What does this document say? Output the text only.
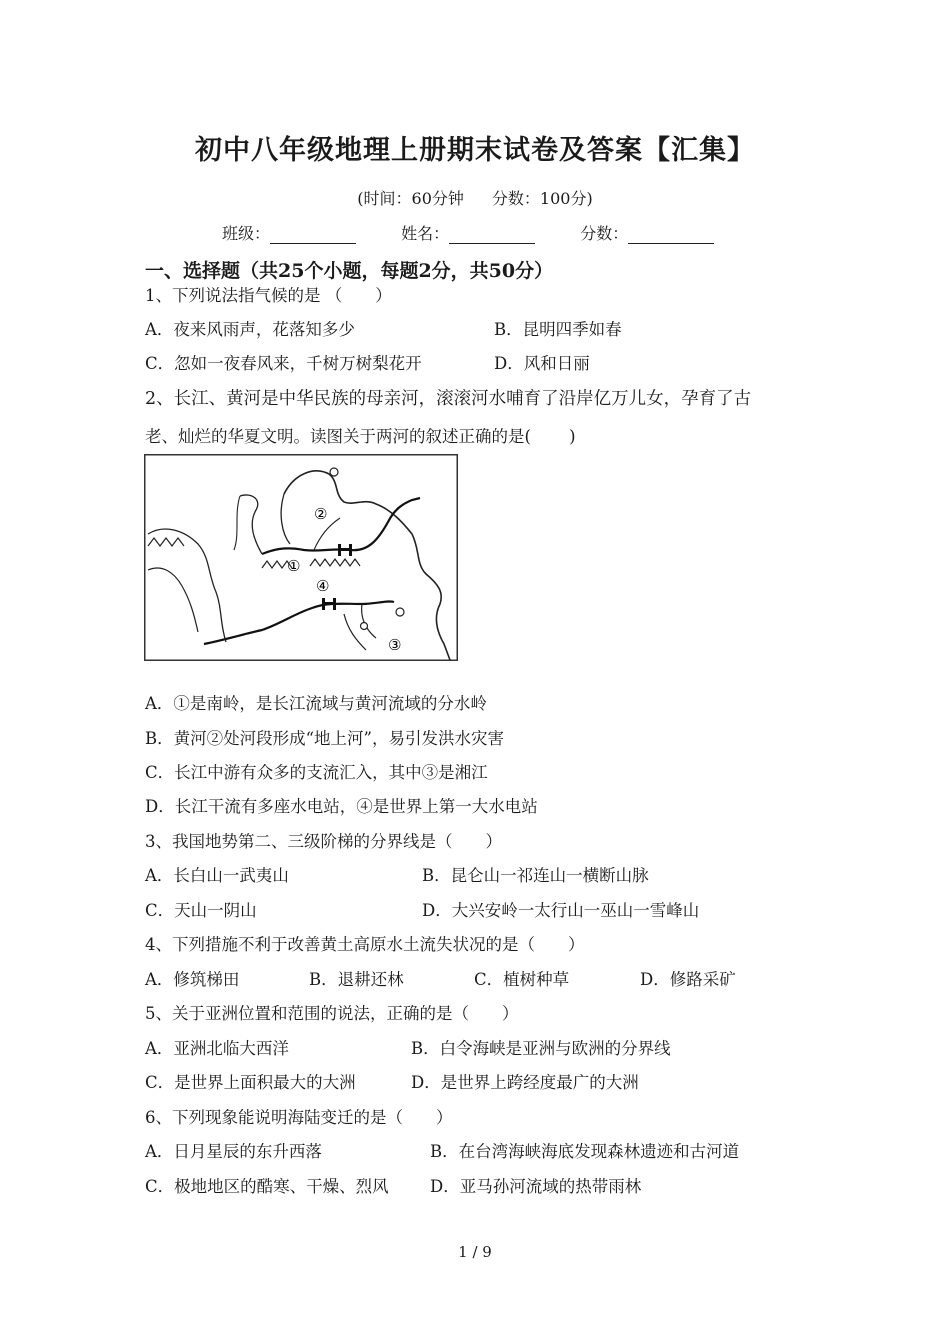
初中八年级地理上册期末试卷及答案【汇集】
(时间：60分钟 分数：100分)
班级：	姓名：	分数：
一、选择题（共25个小题，每题2分，共50分）
1、下列说法指气候的是 （　　）
A．夜来风雨声，花落知多少	B．昆明四季如春
C．忽如一夜春风来，千树万树梨花开	D．风和日丽
2、长江、黄河是中华民族的母亲河，滚滚河水哺育了沿岸亿万儿女，孕育了古
老、灿烂的华夏文明。读图关于两河的叙述正确的是(　　 )
②
①
④
③
A．①是南岭，是长江流域与黄河流域的分水岭
B．黄河②处河段形成“地上河”，易引发洪水灾害
C．长江中游有众多的支流汇入，其中③是湘江
D．长江干流有多座水电站，④是世界上第一大水电站
3、我国地势第二、三级阶梯的分界线是（　　）
A．长白山一武夷山	B．昆仑山一祁连山一横断山脉
C．天山一阴山	D．大兴安岭一太行山一巫山一雪峰山
4、下列措施不利于改善黄土高原水土流失状况的是（　　）
A．修筑梯田	B．退耕还林	C．植树种草	D．修路采矿
5、关于亚洲位置和范围的说法，正确的是（　　）
A．亚洲北临大西洋	B．白令海峡是亚洲与欧洲的分界线
C．是世界上面积最大的大洲	D．是世界上跨经度最广的大洲
6、下列现象能说明海陆变迁的是（　　）
A．日月星辰的东升西落	B．在台湾海峡海底发现森林遗迹和古河道
C．极地地区的酷寒、干燥、烈风	D．亚马孙河流域的热带雨林
1 / 9
